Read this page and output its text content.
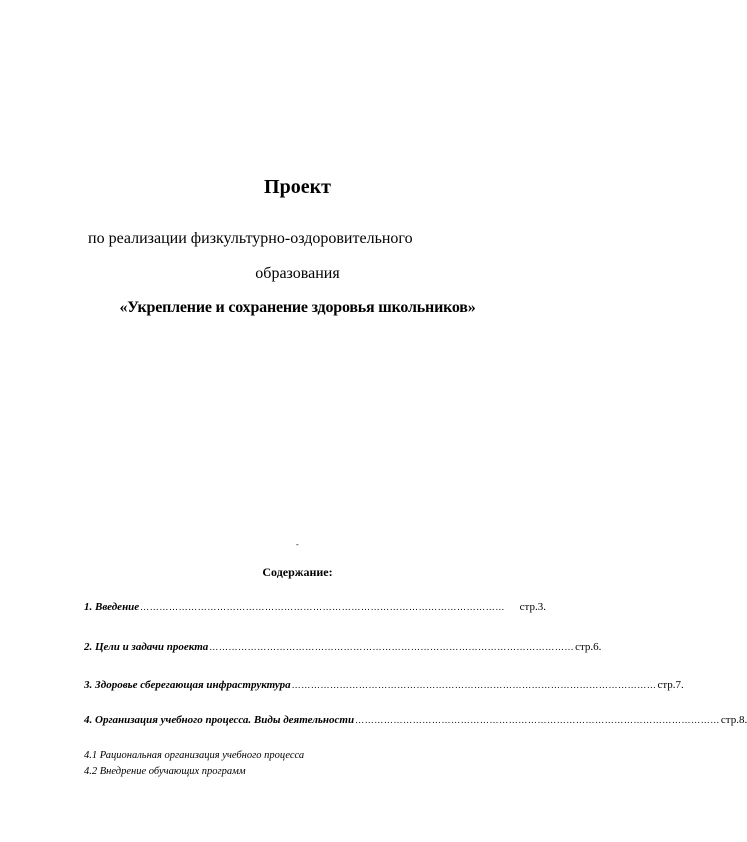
Проект
по реализации физкультурно-оздоровительного
образования
«Укрепление и сохранение здоровья школьников»
-
Содержание:
1. Введение ……………………………………………………………………………………………………	стр.3.
2. Цели и задачи проекта …………………………………………………………………………………………………… стр.6.
3. Здоровье сберегающая инфраструктура …………………………………………………………………………………………………… стр.7.
4. Организация учебного процесса. Виды деятельности …………………………………………………………………………………………………… стр.8.
4.1 Рациональная организация учебного процесса
4.2 Внедрение обучающих программ
